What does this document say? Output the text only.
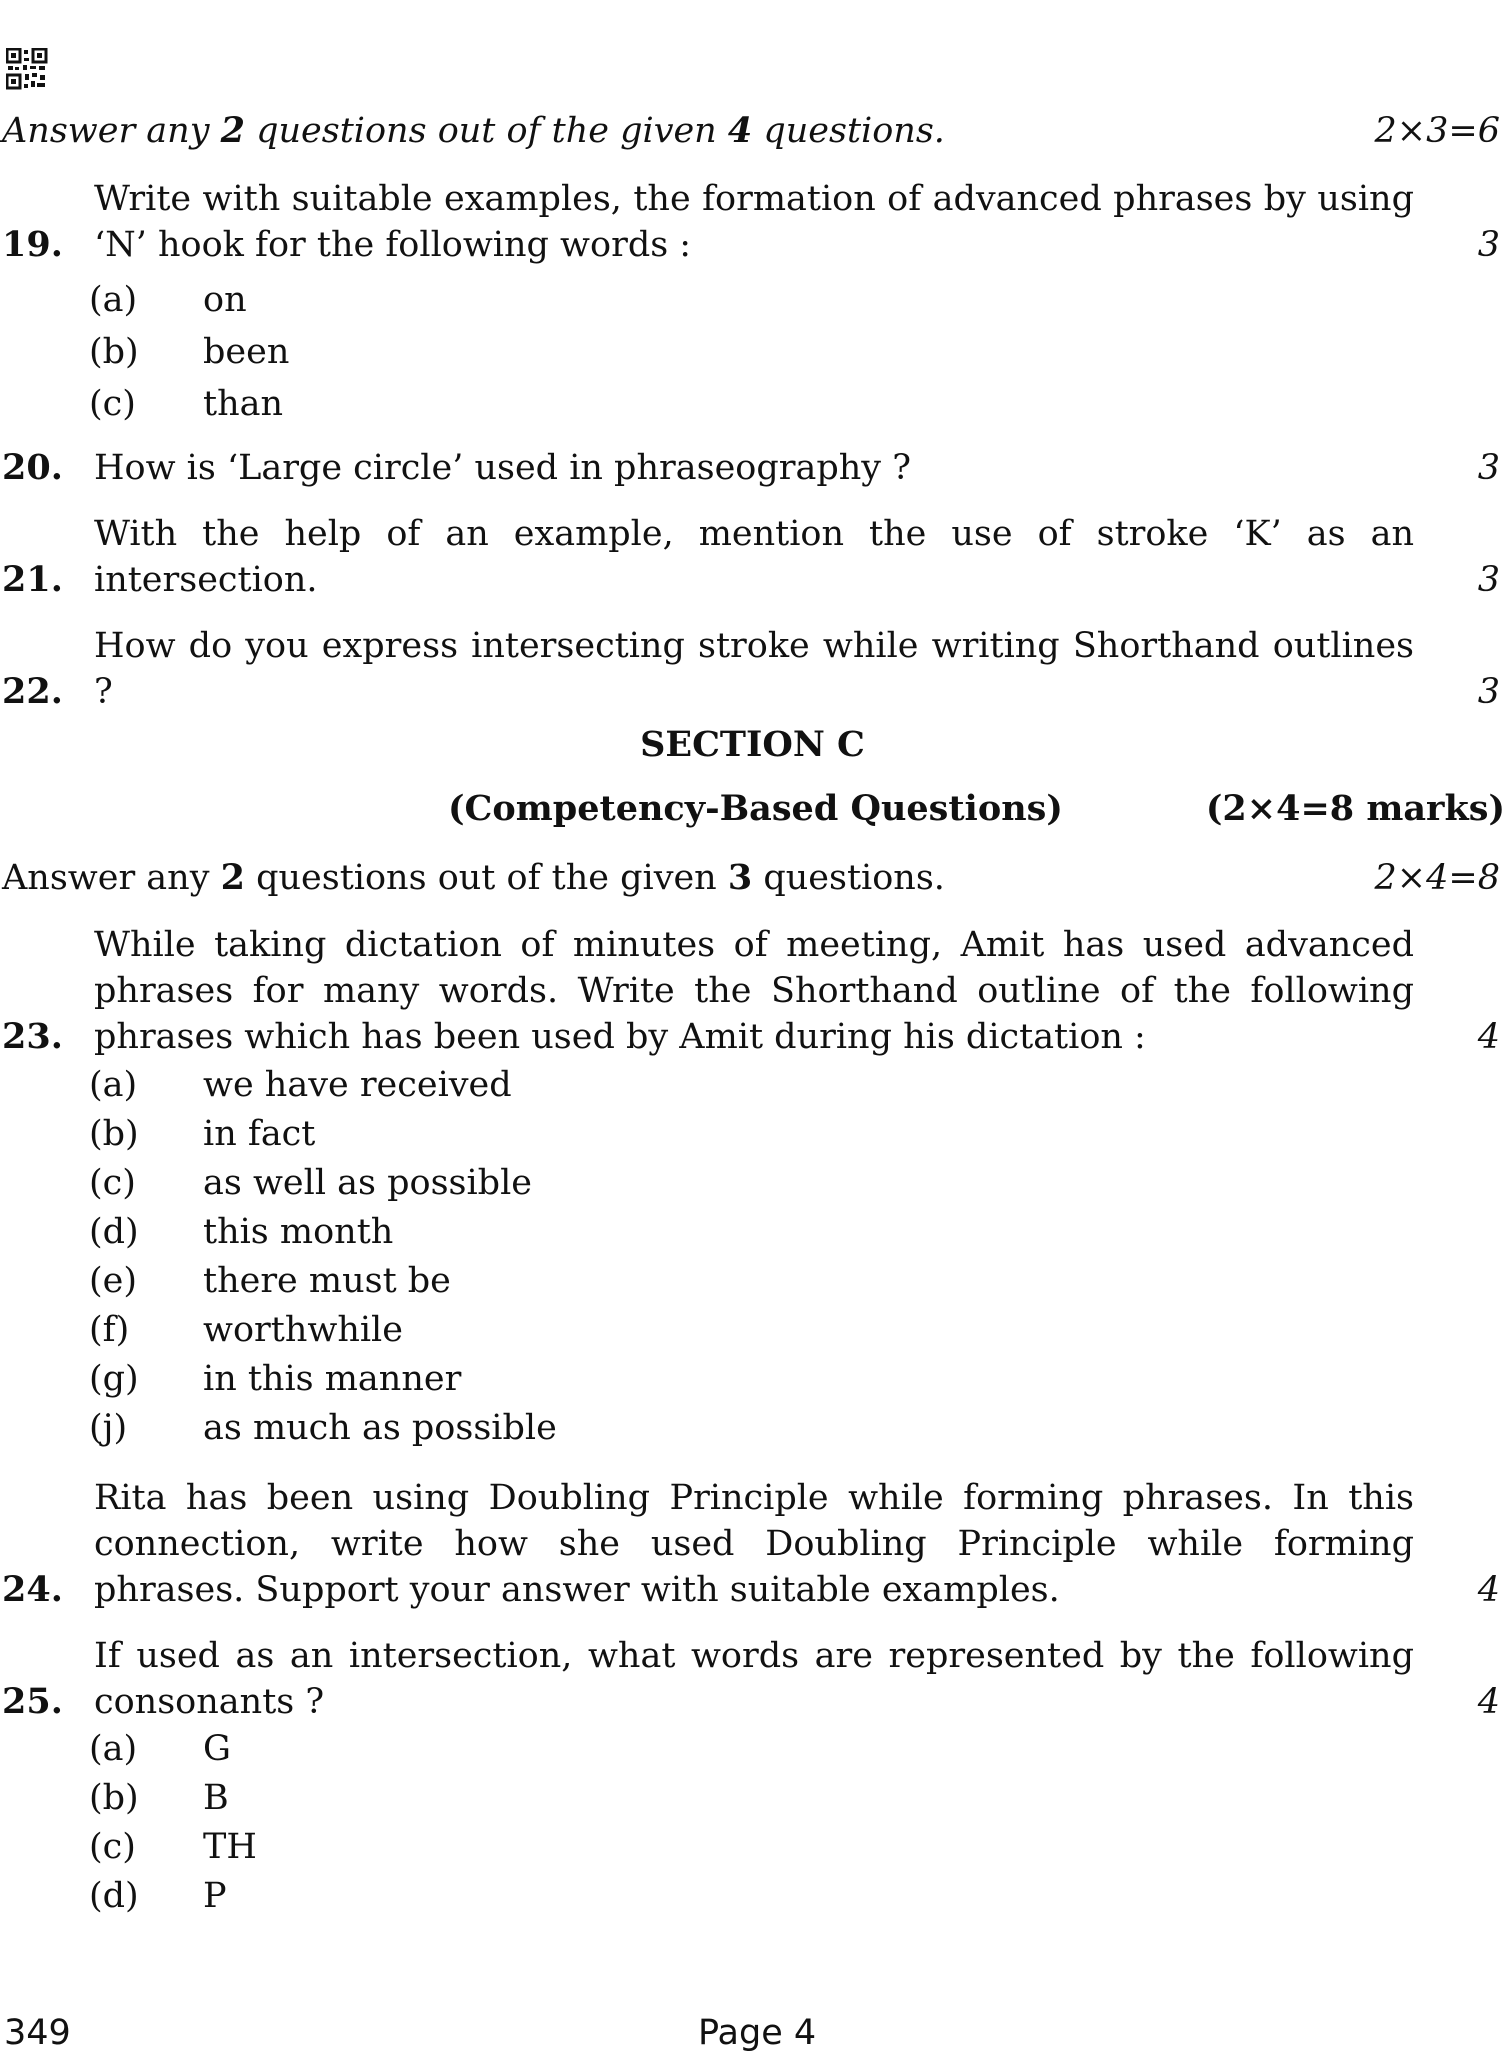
Answer any 2 questions out of the given 4 questions.	2×3=6
19.
Write with suitable examples, the formation of advanced phrases by using ‘N’ hook for the following words :	3
(a)	on
(b)	been
(c)	than
20. How is ‘Large circle’ used in phraseography ?	3
21.
With the help of an example, mention the use of stroke ‘K’ as an intersection.	3
22.
How do you express intersecting stroke while writing Shorthand outlines ?	3
SECTION C
(Competency-Based Questions)	(2×4=8 marks)
Answer any 2 questions out of the given 3 questions.	2×4=8
23.
While taking dictation of minutes of meeting, Amit has used advanced phrases for many words. Write the Shorthand outline of the following phrases which has been used by Amit during his dictation :	4
(a)	we have received
(b)	in fact
(c)	as well as possible
(d)	this month
(e)	there must be
(f)	worthwhile
(g)	in this manner
(j)	as much as possible
24.
Rita has been using Doubling Principle while forming phrases. In this connection, write how she used Doubling Principle while forming phrases. Support your answer with suitable examples.	4
25.
If used as an intersection, what words are represented by the following consonants ?	4
(a)	G
(b)	B
(c)	TH
(d)	P
349	Page 4
